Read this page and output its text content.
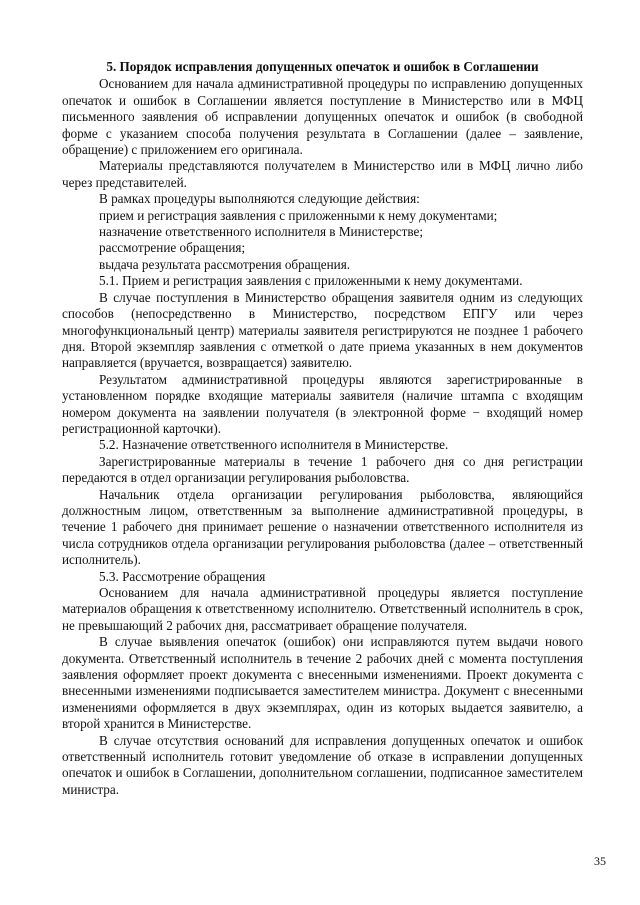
5. Порядок исправления допущенных опечаток и ошибок в Соглашении

Основанием для начала административной процедуры по исправлению допущенных опечаток и ошибок в Соглашении является поступление в Министерство или в МФЦ письменного заявления об исправлении допущенных опечаток и ошибок (в свободной форме с указанием способа получения результата в Соглашении (далее – заявление, обращение) с приложением его оригинала.

Материалы представляются получателем в Министерство или в МФЦ лично либо через представителей.

В рамках процедуры выполняются следующие действия:

прием и регистрация заявления с приложенными к нему документами;

назначение ответственного исполнителя в Министерстве;

рассмотрение обращения;

выдача результата рассмотрения обращения.

5.1. Прием и регистрация заявления с приложенными к нему документами.

В случае поступления в Министерство обращения заявителя одним из следующих способов (непосредственно в Министерство, посредством ЕПГУ или через многофункциональный центр) материалы заявителя регистрируются не позднее 1 рабочего дня. Второй экземпляр заявления с отметкой о дате приема указанных в нем документов направляется (вручается, возвращается) заявителю.

Результатом административной процедуры являются зарегистрированные в установленном порядке входящие материалы заявителя (наличие штампа с входящим номером документа на заявлении получателя (в электронной форме − входящий номер регистрационной карточки).

5.2. Назначение ответственного исполнителя в Министерстве.

Зарегистрированные материалы в течение 1 рабочего дня со дня регистрации передаются в отдел организации регулирования рыболовства.

Начальник отдела организации регулирования рыболовства, являющийся должностным лицом, ответственным за выполнение административной процедуры, в течение 1 рабочего дня принимает решение о назначении ответственного исполнителя из числа сотрудников отдела организации регулирования рыболовства (далее – ответственный исполнитель).

5.3. Рассмотрение обращения

Основанием для начала административной процедуры является поступление материалов обращения к ответственному исполнителю. Ответственный исполнитель в срок, не превышающий 2 рабочих дня, рассматривает обращение получателя.

В случае выявления опечаток (ошибок) они исправляются путем выдачи нового документа. Ответственный исполнитель в течение 2 рабочих дней с момента поступления заявления оформляет проект документа с внесенными изменениями. Проект документа с внесенными изменениями подписывается заместителем министра. Документ с внесенными изменениями оформляется в двух экземплярах, один из которых выдается заявителю, а второй хранится в Министерстве.

В случае отсутствия оснований для исправления допущенных опечаток и ошибок ответственный исполнитель готовит уведомление об отказе в исправлении допущенных опечаток и ошибок в Соглашении, дополнительном соглашении, подписанное заместителем министра.

35
